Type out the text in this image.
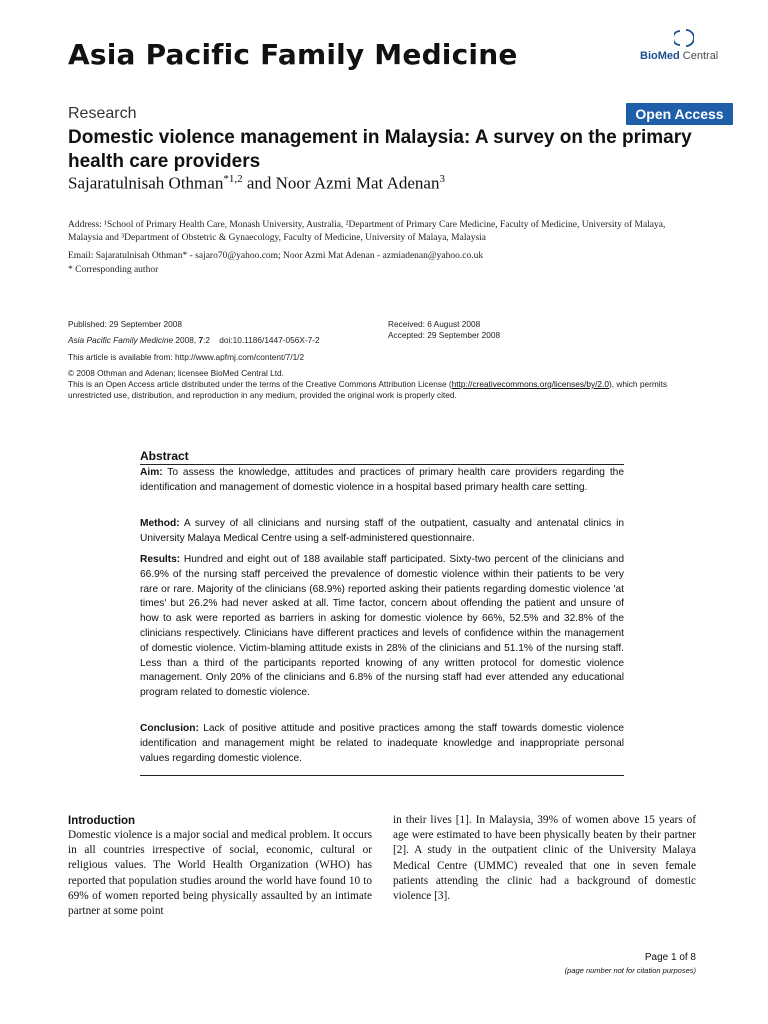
Asia Pacific Family Medicine	BioMed Central
Research	Open Access
Domestic violence management in Malaysia: A survey on the primary health care providers
Sajaratulnisah Othman$^{*1,2}$ and Noor Azmi Mat Adenan$^3$
Address: ¹School of Primary Health Care, Monash University, Australia, ²Department of Primary Care Medicine, Faculty of Medicine, University of Malaya, Malaysia and ³Department of Obstetric & Gynaecology, Faculty of Medicine, University of Malaya, Malaysia
Email: Sajaratulnisah Othman* - sajaro70@yahoo.com; Noor Azmi Mat Adenan - azmiadenan@yahoo.co.uk
* Corresponding author
Published: 29 September 2008
Asia Pacific Family Medicine 2008, 7:2    doi:10.1186/1447-056X-7-2
This article is available from: http://www.apfmj.com/content/7/1/2
Received: 6 August 2008
Accepted: 29 September 2008
© 2008 Othman and Adenan; licensee BioMed Central Ltd.
This is an Open Access article distributed under the terms of the Creative Commons Attribution License (http://creativecommons.org/licenses/by/2.0), which permits unrestricted use, distribution, and reproduction in any medium, provided the original work is properly cited.
Abstract
Aim: To assess the knowledge, attitudes and practices of primary health care providers regarding the identification and management of domestic violence in a hospital based primary health care setting.
Method: A survey of all clinicians and nursing staff of the outpatient, casualty and antenatal clinics in University Malaya Medical Centre using a self-administered questionnaire.
Results: Hundred and eight out of 188 available staff participated. Sixty-two percent of the clinicians and 66.9% of the nursing staff perceived the prevalence of domestic violence within their patients to be very rare or rare. Majority of the clinicians (68.9%) reported asking their patients regarding domestic violence 'at times' but 26.2% had never asked at all. Time factor, concern about offending the patient and unsure of how to ask were reported as barriers in asking for domestic violence by 66%, 52.5% and 32.8% of the clinicians respectively. Clinicians have different practices and levels of confidence within the management of domestic violence. Victim-blaming attitude exists in 28% of the clinicians and 51.1% of the nursing staff. Less than a third of the participants reported knowing of any written protocol for domestic violence management. Only 20% of the clinicians and 6.8% of the nursing staff had ever attended any educational program related to domestic violence.
Conclusion: Lack of positive attitude and positive practices among the staff towards domestic violence identification and management might be related to inadequate knowledge and inappropriate personal values regarding domestic violence.
Introduction
Domestic violence is a major social and medical problem. It occurs in all countries irrespective of social, economic, cultural or religious values. The World Health Organization (WHO) has reported that population studies around the world have found 10 to 69% of women reported being physically assaulted by an intimate partner at some point
in their lives [1]. In Malaysia, 39% of women above 15 years of age were estimated to have been physically beaten by their partner [2]. A study in the outpatient clinic of the University Malaya Medical Centre (UMMC) revealed that one in seven female patients attending the clinic had a background of domestic violence [3].
Page 1 of 8
(page number not for citation purposes)
